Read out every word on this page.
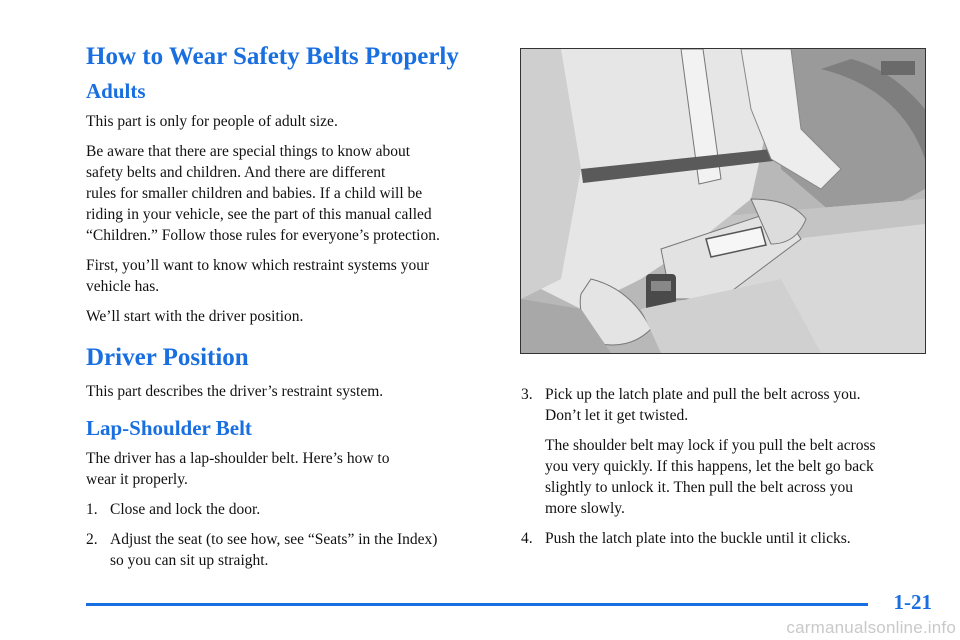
How to Wear Safety Belts Properly
Adults

This part is only for people of adult size.

Be aware that there are special things to know about
safety belts and children. And there are different
rules for smaller children and babies. If a child will be
riding in your vehicle, see the part of this manual called
“Children.” Follow those rules for everyone’s protection.

First, you’ll want to know which restraint systems your
vehicle has.

We’ll start with the driver position.

Driver Position

This part describes the driver’s restraint system.

Lap-Shoulder Belt

The driver has a lap-shoulder belt. Here’s how to
wear it properly.

1. Close and lock the door.
2. Adjust the seat (to see how, see “Seats” in the Index)
so you can sit up straight.
3. Pick up the latch plate and pull the belt across you.
Don’t let it get twisted.

The shoulder belt may lock if you pull the belt across
you very quickly. If this happens, let the belt go back
slightly to unlock it. Then pull the belt across you
more slowly.

4. Push the latch plate into the buckle until it clicks.
1-21
carmanualsonline.info
